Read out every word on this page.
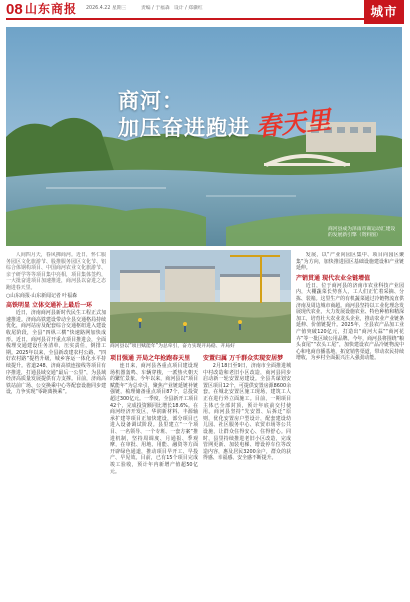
08 山东商报 2026.4.22 星期三	责编 / 于福森 设计 / 郑骥红	城市
商河：
加压奋进跑进 春天里
商河县成为泽雨市商运动汇建设的发展新引擎（资料图）

人间四月天，春风拂商河。近日，怀仁服务园区文化旅游节、股推服务园区文化节、铝综合体钢构项目、中国商河农业文化旅游节、亲子研学等等项目集中亮相，项目集体签约，一大批奋进项目加速推进，商河县以奋进之态跑进春天里。

○山东商报·山东新闻记者 叶福森

高铁明显 立体交通补上最后一环

近日，济南商河县新时代民生工程正式加速推进。济商高铁建设带动全县交通格局持续优化，商河站房及配套综合交通枢纽进入建设收尾阶段，全县“四纵三横”快速路网加快成形。近日，商河县召开重点项目推进会，全面梳理交通建设任务清单，压实责任，倒排工期。2025年以来，全县新改建农村公路、“四好农村路”提档升级，城乡客运一体化水平持续提升。省道248、济商高铁连接线等项目有序推进，打通县域交通“最后一公里”，为县域经济高质量发展提供有力支撑。目前，济商高铁站前广场、公交换乘中心等配套设施同步建设，力争实现“零距离换乘”。

商河县以“项目赋能年”为总牵引，奋力实现开局稳、开局好

项目强通 开局之年抢跑春天里

连日来，商河县各重点项目建设现场机器轰鸣、车辆穿梭，一派热火朝天的繁忙景象。今年以来，商河县以“项目赋能年”为总牵引，聚焦产业链延链补链强链，梳理储备重点项目87个，总投资超过300亿元。一季度，全县新开工项目42个，完成投资额同比增长18.6%。在商河经济开发区，华润新材料、丰源轴承扩建等项目正加快建设，部分项目已进入设备调试阶段。县里建立“一个项目、一名领导、一个专班、一套方案”推进机制，坚持周调度、月通报、季观摩，在审批、用地、用能、融资等方面开辟绿色通道，推动项目早开工、早投产、早见效。目前，已有15个项目完成竣工验收，预计年内新增产值超50亿元。

安置归属 万千群众实现安居梦

2月18日至9日，济南市全面推进城中村改造和老旧小区改造，商河县同步启动新一轮安置房建设。全县共谋划安置区项目12个，可提供安置房源8600余套。在城北安置区施工现场，建筑工人正在进行外立面施工。目前，一期项目主体已全部封顶，预计年底前交付使用。商河县坚持“先安置、后拆迁”原则，优化安置房户型设计，配套建设幼儿园、社区服务中心、农贸市场等公共设施，让群众住得安心、住得舒心。同时，县里持续推进老旧小区改造，完成管网更新、加装电梯、增设停车位等改造内容，惠及居民3200余户，群众的获得感、幸福感、安全感不断提升。

发展，以“产业向园区集中、项目向园区聚集”为方向，加快推进园区基础设施建设和产业链延伸。

产销贯通 现代农业全链增值

近日，位于商河县的济南市农业科技产业园内，大棚蔬菜长势喜人，工人们正忙着采摘、分拣、装箱。这里生产的有机蔬菜通过冷链物流直供济南及周边城市商超。商河县坚持以工业化理念发展现代农业，大力发展设施农业、特色种植和精深加工，培育壮大农业龙头企业，推动农业产业链条延伸、价值链提升。2025年，全县农产品加工业产值突破120亿元，打造出“商河大蒜”“商河花卉”等一批区域公用品牌。今年，商河县将围绕“粮头食尾”“农头工尾”，加快建设农产品冷链物流中心和电商直播基地，拓宽销售渠道，带动农民持续增收，为乡村全面振兴注入强劲动能。
